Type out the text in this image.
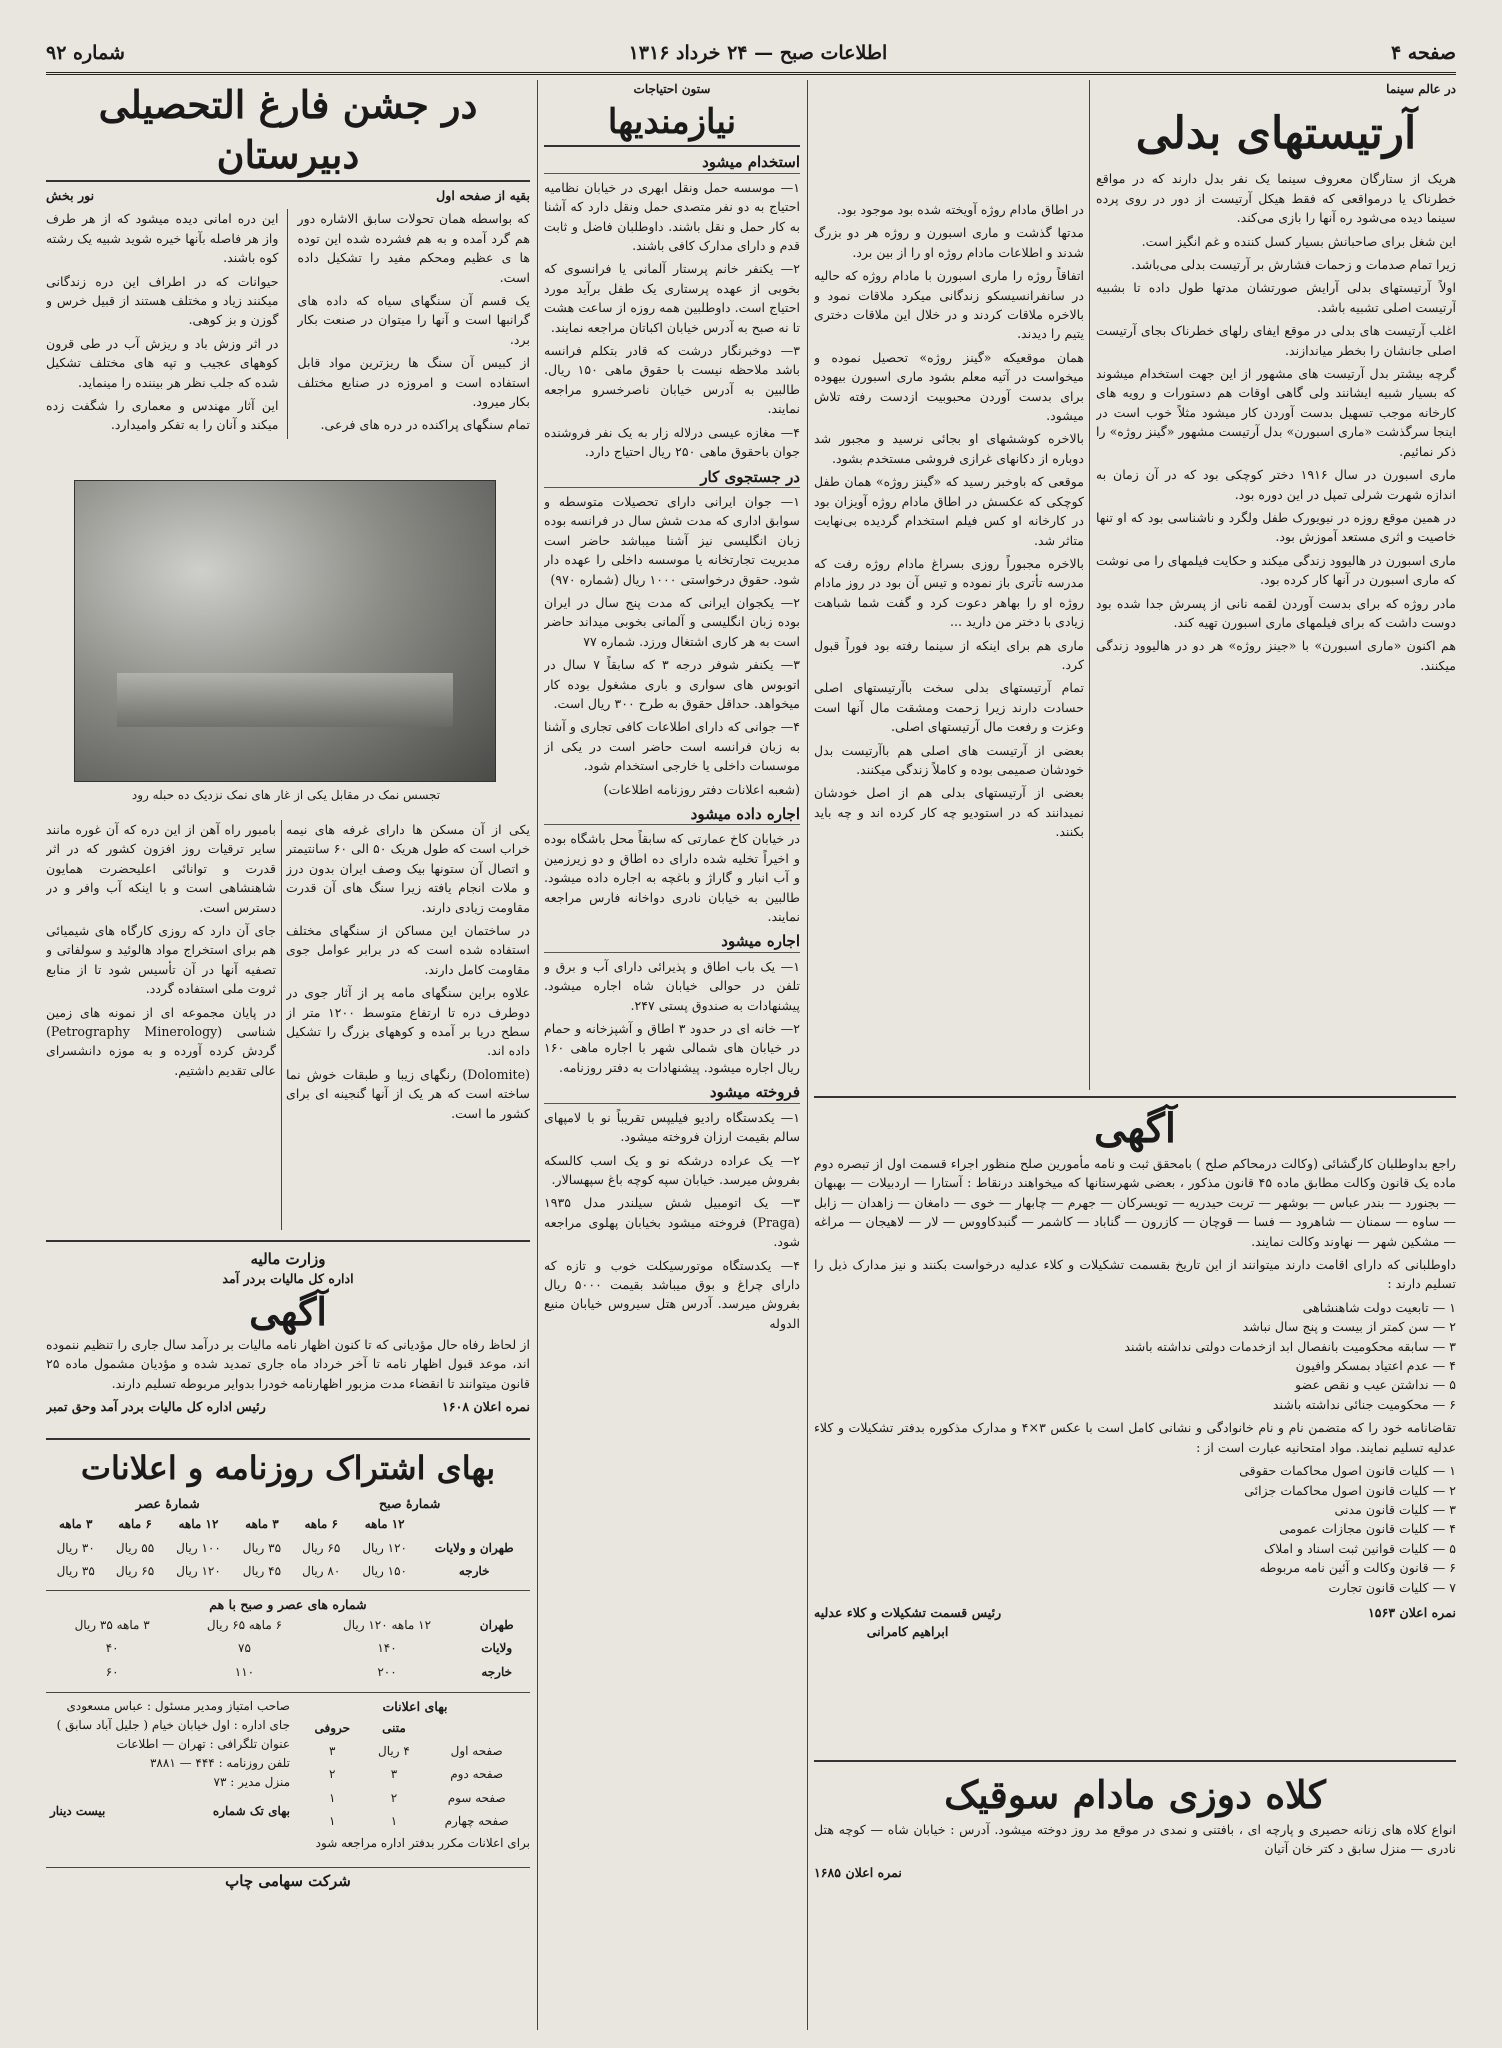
صفحه ۴
اطلاعات صبح — ۲۴ خرداد ۱۳۱۶
شماره ۹۲
در عالم سینما
آرتیستهای بدلی

هریک از ستارگان معروف سینما یک نفر بدل دارند که در مواقع خطرناک یا درمواقعی که فقط هیکل آرتیست از دور در روی پرده سینما دیده می‌شود ره آنها را بازی می‌کند.

این شغل برای صاحبانش بسیار کسل کننده و غم انگیز است.

زیرا تمام صدمات و زحمات فشارش بر آرتیست بدلی می‌باشد.

اولاً آرتیستهای بدلی آرایش صورتشان مدتها طول داده تا بشبیه آرتیست اصلی تشبیه باشد.

اغلب آرتیست های بدلی در موقع ایفای رلهای خطرناک بجای آرتیست اصلی جانشان را بخطر میاندازند.

گرچه بیشتر بدل آرتیست های مشهور از این جهت استخدام میشوند که بسیار شبیه ایشانند ولی گاهی اوقات هم دستورات و رویه های کارخانه موجب تسهیل بدست آوردن کار میشود مثلاً خوب است در اینجا سرگذشت «ماری اسبورن» بدل آرتیست مشهور «گینز روژه» را ذکر نمائیم.

ماری اسبورن در سال ۱۹۱۶ دختر کوچکی بود که در آن زمان به اندازه شهرت شرلی تمپل در این دوره بود.

در همین موقع روزه در نیویورک طفل ولگرد و ناشناسی بود که او تنها خاصیت و اثری مستعد آموزش بود.

ماری اسبورن در هالیوود زندگی میکند و حکایت فیلمهای را می نوشت که ماری اسبورن در آنها کار کرده بود.

مادر روژه که برای بدست آوردن لقمه نانی از پسرش جدا شده بود دوست داشت که برای فیلمهای ماری اسبورن تهیه کند.

هم اکنون «ماری اسبورن» با «جینز روژه» هر دو در هالیوود زندگی میکنند.

در اطاق مادام روژه آویخته شده بود موجود بود.

مدتها گذشت و ماری اسبورن و روژه هر دو بزرگ شدند و اطلاعات مادام روژه او را از بین برد.

اتفاقاً روژه را ماری اسبورن با مادام روژه که حالیه در سانفرانسیسکو زندگانی میکرد ملاقات نمود و بالاخره ملاقات کردند و در خلال این ملاقات دختری یتیم را دیدند.

همان موقعیکه «گینز روژه» تحصیل نموده و میخواست در آتیه معلم بشود ماری اسبورن بیهوده برای بدست آوردن محبوبیت ازدست رفته تلاش میشود.

بالاخره کوششهای او بجائی نرسید و مجبور شد دوباره از دکانهای غرازی فروشی مستخدم بشود.

موقعی که باوخبر رسید که «گینز روژه» همان طفل کوچکی که عکسش در اطاق مادام روژه آویزان بود در کارخانه او کس فیلم استخدام گردیده بی‌نهایت متاثر شد.

بالاخره مجبوراً روزی بسراغ مادام روژه رفت که مدرسه تأتری باز نموده و تیس آن بود در روز مادام روژه او را بهاهر دعوت کرد و گفت شما شباهت زیادی با دختر من دارید ...

ماری هم برای اینکه از سینما رفته بود فوراً قبول کرد.

تمام آرتیستهای بدلی سخت باآرتیستهای اصلی حسادت دارند زیرا زحمت ومشقت مال آنها است وعزت و رفعت مال آرتیستهای اصلی.

بعضی از آرتیست های اصلی هم باآرتیست بدل خودشان صمیمی بوده و کاملاً زندگی میکنند.

بعضی از آرتیستهای بدلی هم از اصل خودشان نمیدانند که در استودیو چه کار کرده اند و چه باید بکنند.

ستون احتیاجات
نیازمندیها
استخدام میشود

۱— موسسه حمل ونقل ابهری در خیابان نظامیه احتیاج به دو نفر متصدی حمل ونقل دارد که آشنا به کار حمل و نقل باشند. داوطلبان فاضل و ثابت قدم و دارای مدارک کافی باشند.

۲— یکنفر خانم پرستار آلمانی یا فرانسوی که بخوبی از عهده پرستاری یک طفل برآید مورد احتیاج است. داوطلبین همه روزه از ساعت هشت تا نه صبح به آدرس خیابان اکباتان مراجعه نمایند.

۳— دوخبرنگار درشت که قادر بتکلم فرانسه باشد ملاحظه نیست با حقوق ماهی ۱۵۰ ریال. طالبین به آدرس خیابان ناصرخسرو مراجعه نمایند.

۴— مغازه عیسی درلاله زار به یک نفر فروشنده جوان باحقوق ماهی ۲۵۰ ریال احتیاج دارد.

در جستجوی کار

۱— جوان ایرانی دارای تحصیلات متوسطه و سوابق اداری که مدت شش سال در فرانسه بوده زبان انگلیسی نیز آشنا میباشد حاضر است مدیریت تجارتخانه یا موسسه داخلی را عهده دار شود. حقوق درخواستی ۱۰۰۰ ریال (شماره ۹۷۰)

۲— یکجوان ایرانی که مدت پنج سال در ایران بوده زبان انگلیسی و آلمانی بخوبی میداند حاضر است به هر کاری اشتغال ورزد. شماره ۷۷

۳— یکنفر شوفر درجه ۳ که سابقاً ۷ سال در اتوبوس های سواری و باری مشغول بوده کار میخواهد. حداقل حقوق به طرح ۳۰۰ ریال است.

۴— جوانی که دارای اطلاعات کافی تجاری و آشنا به زبان فرانسه است حاضر است در یکی از موسسات داخلی یا خارجی استخدام شود.

(شعبه اعلانات دفتر روزنامه اطلاعات)

اجاره داده میشود

در خیابان کاخ عمارتی که سابقاً محل باشگاه بوده و اخیراً تخلیه شده دارای ده اطاق و دو زیرزمین و آب انبار و گاراژ و باغچه به اجاره داده میشود. طالبین به خیابان نادری دواخانه فارس مراجعه نمایند.

اجاره میشود

۱— یک باب اطاق و پذیرائی دارای آب و برق و تلفن در حوالی خیابان شاه اجاره میشود. پیشنهادات به صندوق پستی ۲۴۷.

۲— خانه ای در حدود ۳ اطاق و آشپزخانه و حمام در خیابان های شمالی شهر با اجاره ماهی ۱۶۰ ریال اجاره میشود. پیشنهادات به دفتر روزنامه.

فروخته میشود

۱— یکدستگاه رادیو فیلیپس تقریباً نو با لامپهای سالم بقیمت ارزان فروخته میشود.

۲— یک عراده درشکه نو و یک اسب کالسکه بفروش میرسد. خیابان سپه کوچه باغ سپهسالار.

۳— یک اتومبیل شش سیلندر مدل ۱۹۳۵ (Praga) فروخته میشود بخیابان پهلوی مراجعه شود.

۴— یکدستگاه موتورسیکلت خوب و تازه که دارای چراغ و بوق میباشد بقیمت ۵۰۰۰ ریال بفروش میرسد. آدرس هتل سیروس خیابان منیع الدوله

در جشن فارغ التحصیلی دبیرستان
بقیه از صفحه اول
نور بخش

که بواسطه همان تحولات سابق الاشاره دور هم گرد آمده و به هم فشرده شده این توده ها ی عظیم ومحکم مفید را تشکیل داده است.

یک قسم آن سنگهای سیاه که داده های گرانبها است و آنها را میتوان در صنعت بکار برد.

از کبیس آن سنگ ها ریزترین مواد قابل استفاده است و امروزه در صنایع مختلف بکار میرود.

تمام سنگهای پراکنده در دره های فرعی.

این دره امانی دیده میشود که از هر طرف واز هر فاصله بآنها خیره شوید شبیه یک رشته کوه باشند.

حیوانات که در اطراف این دره زندگانی میکنند زیاد و مختلف هستند از قبیل خرس و گوزن و بز کوهی.

در اثر وزش باد و ریزش آب در طی قرون کوههای عجیب و تپه های مختلف تشکیل شده که جلب نظر هر بیننده را مینماید.

این آثار مهندس و معماری را شگفت زده میکند و آنان را به تفکر وامیدارد.

تجسس نمک در مقابل یکی از غار های نمک نزدیک ده حبله رود

بامبور راه آهن از این دره که آن غوره مانند سایر ترقیات روز افزون کشور که در اثر قدرت و توانائی اعلیحضرت همایون شاهنشاهی است و با اینکه آب وافر و در دسترس است.

جای آن دارد که روزی کارگاه های شیمیائی هم برای استخراج مواد هالوئید و سولفاتی و تصفیه آنها در آن تأسیس شود تا از منابع ثروت ملی استفاده گردد.

در پایان مجموعه ای از نمونه های زمین شناسی (Petrography Minerology) گردش کرده آورده و به موزه دانشسرای عالی تقدیم داشتیم.

یکی از آن مسکن ها دارای غرفه های نیمه خراب است که طول هریک ۵۰ الی ۶۰ سانتیمتر و اتصال آن ستونها بیک وصف ایران بدون درز و ملات انجام یافته زیرا سنگ های آن قدرت مقاومت زیادی دارند.

در ساختمان این مساکن از سنگهای مختلف استفاده شده است که در برابر عوامل جوی مقاومت کامل دارند.

علاوه براین سنگهای مامه پر از آثار جوی در دوطرف دره تا ارتفاع متوسط ۱۲۰۰ متر از سطح دریا بر آمده و کوههای بزرگ را تشکیل داده اند.

(Dolomite) رنگهای زیبا و طبقات خوش نما ساخته است که هر یک از آنها گنجینه ای برای کشور ما است.

وزارت مالیه
اداره کل مالیات بردر آمد
آگهی

از لحاظ رفاه حال مؤدیانی که تا کنون اظهار نامه مالیات بر درآمد سال جاری را تنظیم ننموده اند، موعد قبول اظهار نامه تا آخر خرداد ماه جاری تمدید شده و مؤدیان مشمول ماده ۲۵ قانون میتوانند تا انقضاء مدت مزبور اظهارنامه خودرا بدوایر مربوطه تسلیم دارند.

نمره اعلان ۱۶۰۸
رئیس اداره کل مالیات بردر آمد وحق تمبر
بهای اشتراک روزنامه و اعلانات
شمارهٔ صبح
شمارهٔ عصر
	۱۲ ماهه	۶ ماهه	۳ ماهه	۱۲ ماهه	۶ ماهه	۳ ماهه
طهران و ولایات	۱۲۰ ریال	۶۵ ریال	۳۵ ریال	۱۰۰ ریال	۵۵ ریال	۳۰ ریال
خارجه	۱۵۰ ریال	۸۰ ریال	۴۵ ریال	۱۲۰ ریال	۶۵ ریال	۳۵ ریال
شماره های عصر و صبح با هم
طهران	۱۲ ماهه ۱۲۰ ریال	۶ ماهه ۶۵ ریال	۳ ماهه ۳۵ ریال
ولایات	۱۴۰	۷۵	۴۰
خارجه	۲۰۰	۱۱۰	۶۰
بهای اعلانات
	متنی	حروفی
صفحه اول	۴ ریال	۳
صفحه دوم	۳	۲
صفحه سوم	۲	۱
صفحه چهارم	۱	۱
برای اعلانات مکرر بدفتر اداره مراجعه شود
صاحب امتیاز ومدیر مسئول : عباس مسعودی
جای اداره : اول خیابان خیام ( جلیل آباد سابق )
عنوان تلگرافی : تهران — اطلاعات
تلفن روزنامه : ۴۴۴ — ۳۸۸۱
منزل مدیر : ۷۳
بهای تک شماره
بیست دینار
شرکت سهامی چاپ
آگهی

راجع بداوطلبان کارگشائی (وکالت درمحاکم صلح ) بامحقق ثبت و نامه مأمورین صلح منظور اجراء قسمت اول از تبصره دوم ماده یک قانون وکالت مطابق ماده ۴۵ قانون مذکور ، بعضی شهرستانها که میخواهند درنقاط : آستارا — اردبیلات — بهبهان — بجنورد — بندر عباس — بوشهر — تربت حیدریه — تویسرکان — جهرم — چابهار — خوی — دامغان — زاهدان — زابل — ساوه — سمنان — شاهرود — فسا — قوچان — کازرون — گناباد — کاشمر — گنبدکاووس — لار — لاهیجان — مراغه — مشکین شهر — نهاوند وکالت نمایند.

داوطلبانی که دارای اقامت دارند میتوانند از این تاریخ بقسمت تشکیلات و کلاء عدلیه درخواست بکنند و نیز مدارک ذیل را تسلیم دارند :

۱ — تابعیت دولت شاهنشاهی
۲ — سن کمتر از بیست و پنج سال نباشد
۳ — سابقه محکومیت بانفصال ابد ازخدمات دولتی نداشته باشند
۴ — عدم اعتیاد بمسکر وافیون
۵ — نداشتن عیب و نقص عضو
۶ — محکومیت جنائی نداشته باشند

تقاضانامه خود را که متضمن نام و نام خانوادگی و نشانی کامل است با عکس ۳×۴ و مدارک مذکوره بدفتر تشکیلات و کلاء عدلیه تسلیم نمایند. مواد امتحانیه عبارت است از :

۱ — کلیات قانون اصول محاکمات حقوقی
۲ — کلیات قانون اصول محاکمات جزائی
۳ — کلیات قانون مدنی
۴ — کلیات قانون مجازات عمومی
۵ — کلیات قوانین ثبت اسناد و املاک
۶ — قانون وکالت و آئین نامه مربوطه
۷ — کلیات قانون تجارت
نمره اعلان ۱۵۶۳
رئیس قسمت تشکیلات و کلاء عدلیه
ابراهیم کامرانی
کلاه دوزی مادام سوقیک

انواع کلاه های زنانه حصیری و پارچه ای ، بافتنی و نمدی در موقع مد روز دوخته میشود. آدرس : خیابان شاه — کوچه هتل نادری — منزل سابق د کتر خان آتیان

نمره اعلان ۱۶۸۵
